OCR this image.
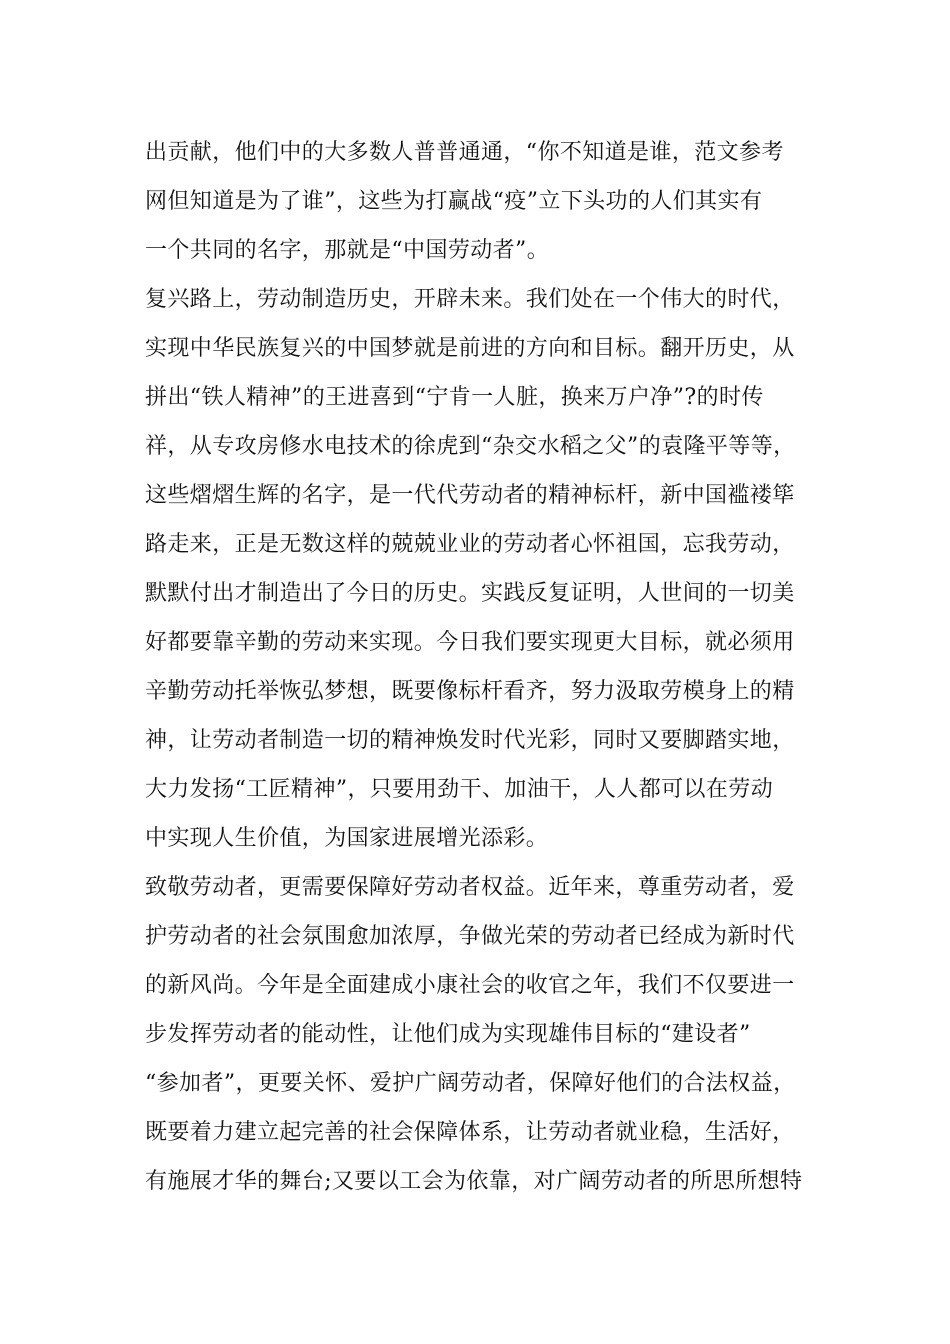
出贡献，他们中的大多数人普普通通，“你不知道是谁，范文参考
网但知道是为了谁”，这些为打赢战“疫”立下头功的人们其实有
一个共同的名字，那就是“中国劳动者”。
复兴路上，劳动制造历史，开辟未来。我们处在一个伟大的时代，
实现中华民族复兴的中国梦就是前进的方向和目标。翻开历史，从
拼出“铁人精神”的王进喜到“宁肯一人脏，换来万户净”?的时传
祥，从专攻房修水电技术的徐虎到“杂交水稻之父”的袁隆平等等，
这些熠熠生辉的名字，是一代代劳动者的精神标杆，新中国褴褛筚
路走来，正是无数这样的兢兢业业的劳动者心怀祖国，忘我劳动，
默默付出才制造出了今日的历史。实践反复证明，人世间的一切美
好都要靠辛勤的劳动来实现。今日我们要实现更大目标，就必须用
辛勤劳动托举恢弘梦想，既要像标杆看齐，努力汲取劳模身上的精
神，让劳动者制造一切的精神焕发时代光彩，同时又要脚踏实地，
大力发扬“工匠精神”，只要用劲干、加油干，人人都可以在劳动
中实现人生价值，为国家进展增光添彩。
致敬劳动者，更需要保障好劳动者权益。近年来，尊重劳动者，爱
护劳动者的社会氛围愈加浓厚，争做光荣的劳动者已经成为新时代
的新风尚。今年是全面建成小康社会的收官之年，我们不仅要进一
步发挥劳动者的能动性，让他们成为实现雄伟目标的“建设者”
“参加者”，更要关怀、爱护广阔劳动者，保障好他们的合法权益，
既要着力建立起完善的社会保障体系，让劳动者就业稳，生活好，
有施展才华的舞台;又要以工会为依靠，对广阔劳动者的所思所想特
